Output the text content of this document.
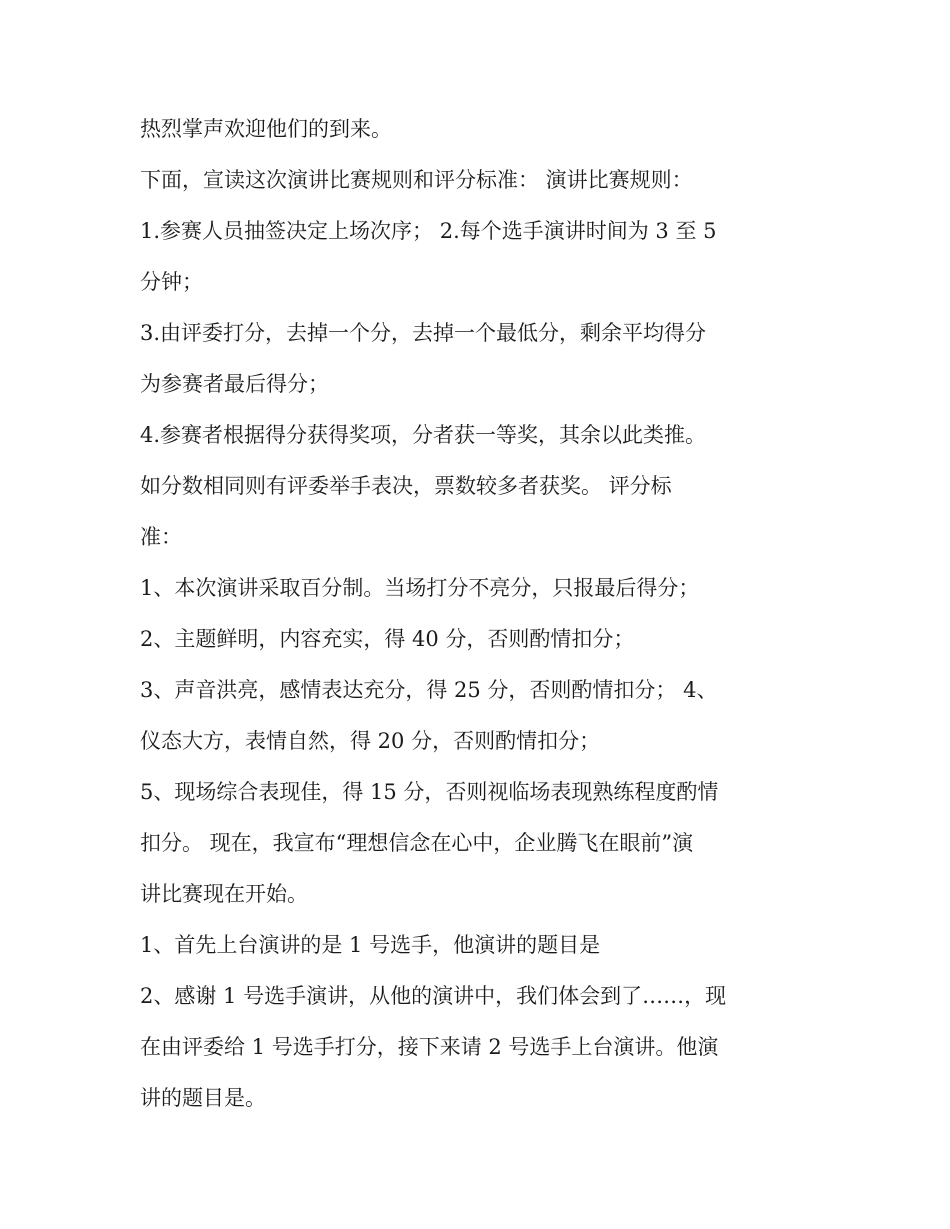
热烈掌声欢迎他们的到来。
下面，宣读这次演讲比赛规则和评分标准： 演讲比赛规则：
1.参赛人员抽签决定上场次序； 2.每个选手演讲时间为 3 至 5
分钟；
3.由评委打分，去掉一个分，去掉一个最低分，剩余平均得分
为参赛者最后得分；
4.参赛者根据得分获得奖项，分者获一等奖，其余以此类推。
如分数相同则有评委举手表决，票数较多者获奖。 评分标
准：
1、本次演讲采取百分制。当场打分不亮分，只报最后得分；
2、主题鲜明，内容充实，得 40 分，否则酌情扣分；
3、声音洪亮，感情表达充分，得 25 分，否则酌情扣分； 4、
仪态大方，表情自然，得 20 分，否则酌情扣分；
5、现场综合表现佳，得 15 分，否则视临场表现熟练程度酌情
扣分。 现在，我宣布“理想信念在心中，企业腾飞在眼前”演
讲比赛现在开始。
1、首先上台演讲的是 1 号选手，他演讲的题目是
2、感谢 1 号选手演讲，从他的演讲中，我们体会到了……，现
在由评委给 1 号选手打分，接下来请 2 号选手上台演讲。他演
讲的题目是。
